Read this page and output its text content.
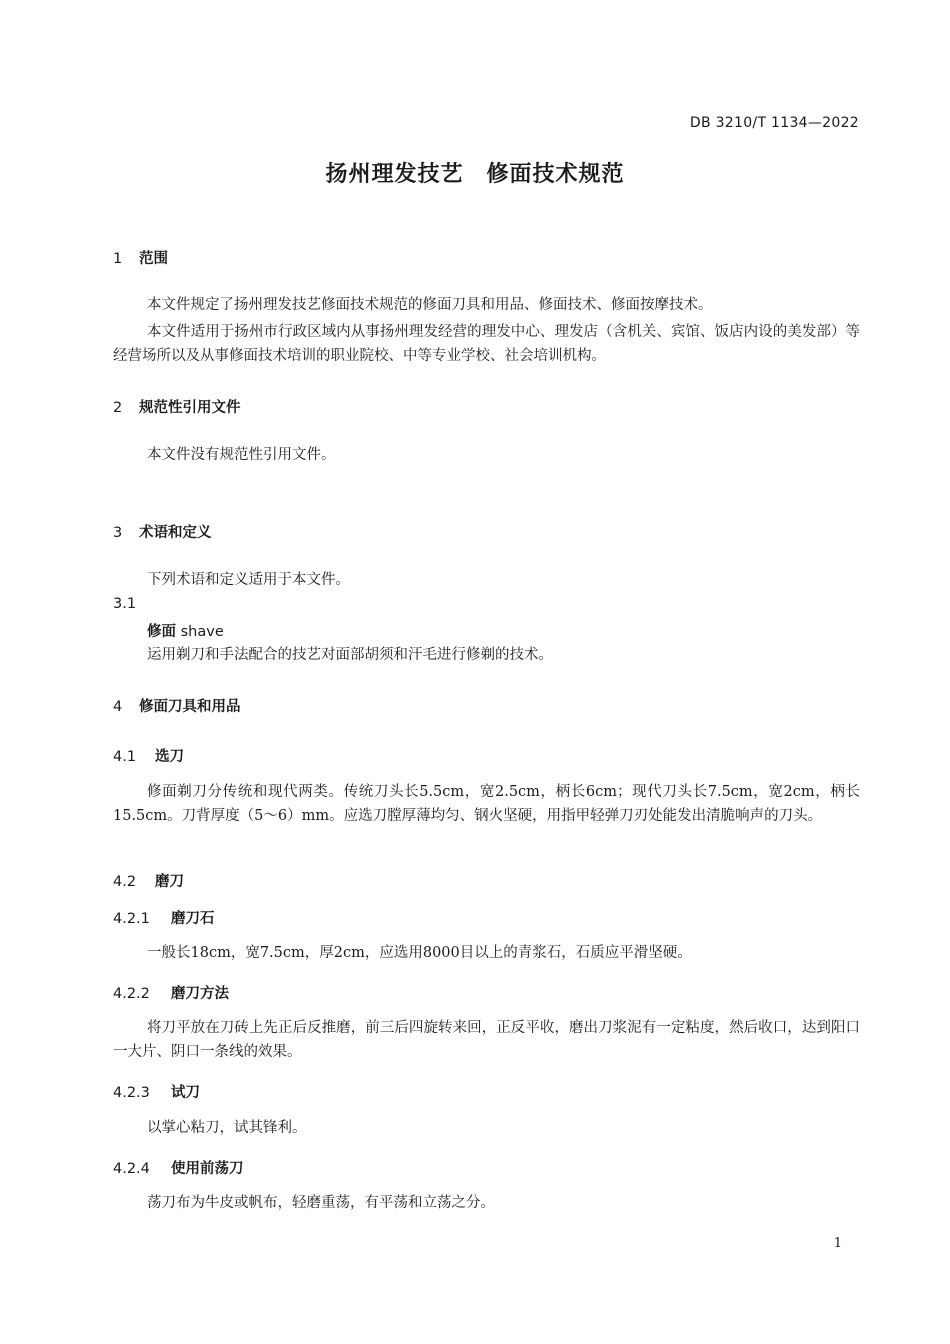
DB 3210/T 1134—2022
扬州理发技艺　修面技术规范
1 范围
本文件规定了扬州理发技艺修面技术规范的修面刀具和用品、修面技术、修面按摩技术。
本文件适用于扬州市行政区域内从事扬州理发经营的理发中心、理发店（含机关、宾馆、饭店内设的美发部）等经营场所以及从事修面技术培训的职业院校、中等专业学校、社会培训机构。
2 规范性引用文件
本文件没有规范性引用文件。
3 术语和定义
下列术语和定义适用于本文件。
3.1
修面 shave
运用剃刀和手法配合的技艺对面部胡须和汗毛进行修剃的技术。
4 修面刀具和用品
4.1 选刀
修面剃刀分传统和现代两类。传统刀头长5.5cm，宽2.5cm，柄长6cm；现代刀头长7.5cm，宽2cm，柄长15.5cm。刀背厚度（5～6）mm。应选刀膛厚薄均匀、钢火坚硬，用指甲轻弹刀刃处能发出清脆响声的刀头。
4.2 磨刀
4.2.1 磨刀石
一般长18cm，宽7.5cm，厚2cm，应选用8000目以上的青浆石，石质应平滑坚硬。
4.2.2 磨刀方法
将刀平放在刀砖上先正后反推磨，前三后四旋转来回，正反平收，磨出刀浆泥有一定粘度，然后收口，达到阳口一大片、阴口一条线的效果。
4.2.3 试刀
以掌心粘刀，试其锋利。
4.2.4 使用前荡刀
荡刀布为牛皮或帆布，轻磨重荡，有平荡和立荡之分。
1
